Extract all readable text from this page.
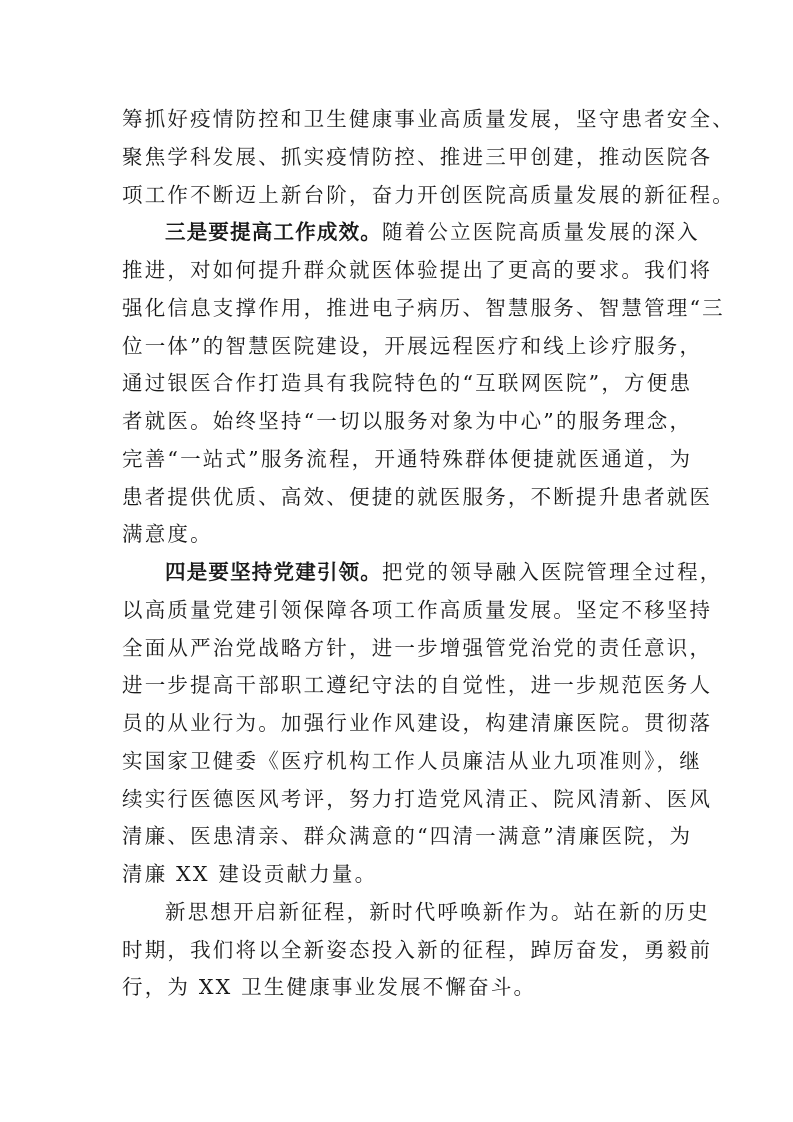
筹抓好疫情防控和卫生健康事业高质量发展，坚守患者安全、
聚焦学科发展、抓实疫情防控、推进三甲创建，推动医院各
项工作不断迈上新台阶，奋力开创医院高质量发展的新征程。
三是要提高工作成效。随着公立医院高质量发展的深入
推进，对如何提升群众就医体验提出了更高的要求。我们将
强化信息支撑作用，推进电子病历、智慧服务、智慧管理“三
位一体”的智慧医院建设，开展远程医疗和线上诊疗服务，
通过银医合作打造具有我院特色的“互联网医院”，方便患
者就医。始终坚持“一切以服务对象为中心”的服务理念，
完善“一站式”服务流程，开通特殊群体便捷就医通道，为
患者提供优质、高效、便捷的就医服务，不断提升患者就医
满意度。
四是要坚持党建引领。把党的领导融入医院管理全过程，
以高质量党建引领保障各项工作高质量发展。坚定不移坚持
全面从严治党战略方针，进一步增强管党治党的责任意识，
进一步提高干部职工遵纪守法的自觉性，进一步规范医务人
员的从业行为。加强行业作风建设，构建清廉医院。贯彻落
实国家卫健委《医疗机构工作人员廉洁从业九项准则》，继
续实行医德医风考评，努力打造党风清正、院风清新、医风
清廉、医患清亲、群众满意的“四清一满意”清廉医院，为
清廉 XX 建设贡献力量。
新思想开启新征程，新时代呼唤新作为。站在新的历史
时期，我们将以全新姿态投入新的征程，踔厉奋发，勇毅前
行，为 XX 卫生健康事业发展不懈奋斗。
